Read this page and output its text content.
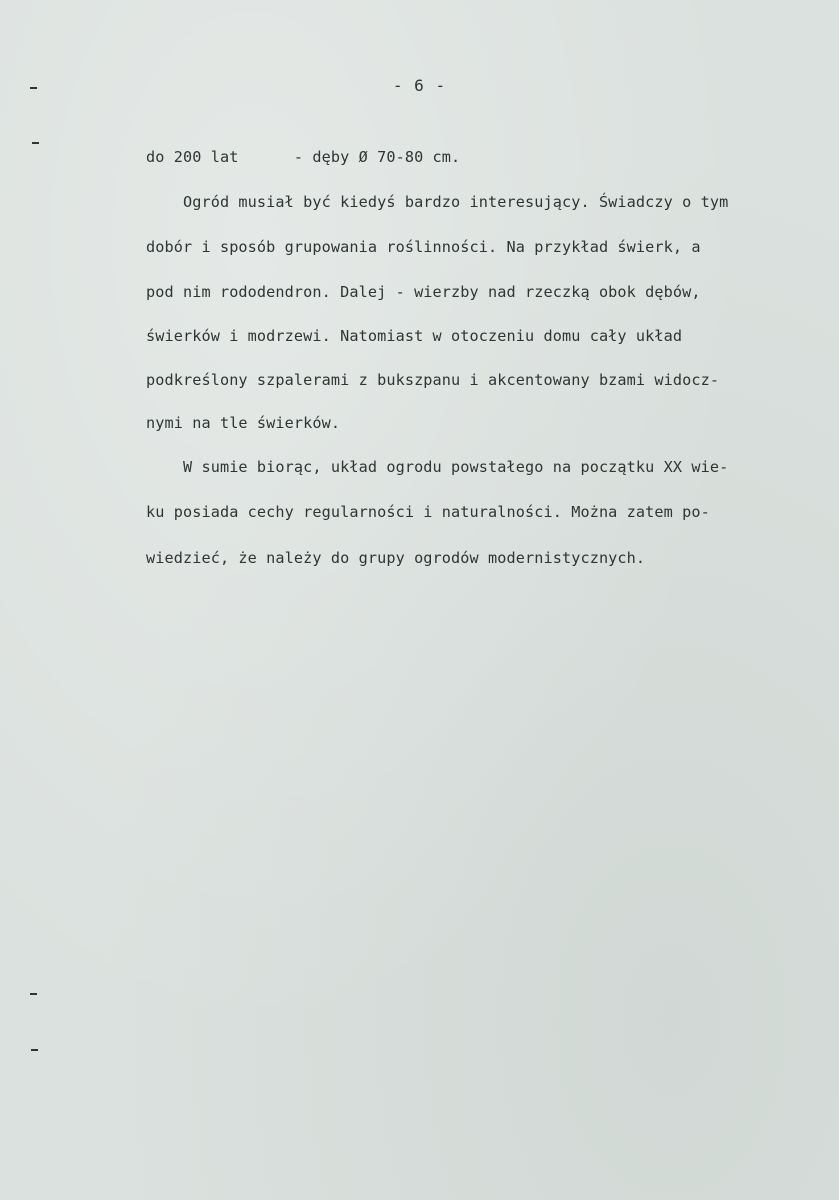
- 6 -
do 200 lat      - dęby Ø 70-80 cm.
Ogród musiał być kiedyś bardzo interesujący. Świadczy o tym
dobór i sposób grupowania roślinności. Na przykład świerk, a
pod nim rododendron. Dalej - wierzby nad rzeczką obok dębów,
świerków i modrzewi. Natomiast w otoczeniu domu cały układ
podkreślony szpalerami z bukszpanu i akcentowany bzami widocz-
nymi na tle świerków.
W sumie biorąc, układ ogrodu powstałego na początku XX wie-
ku posiada cechy regularności i naturalności. Można zatem po-
wiedzieć, że należy do grupy ogrodów modernistycznych.
